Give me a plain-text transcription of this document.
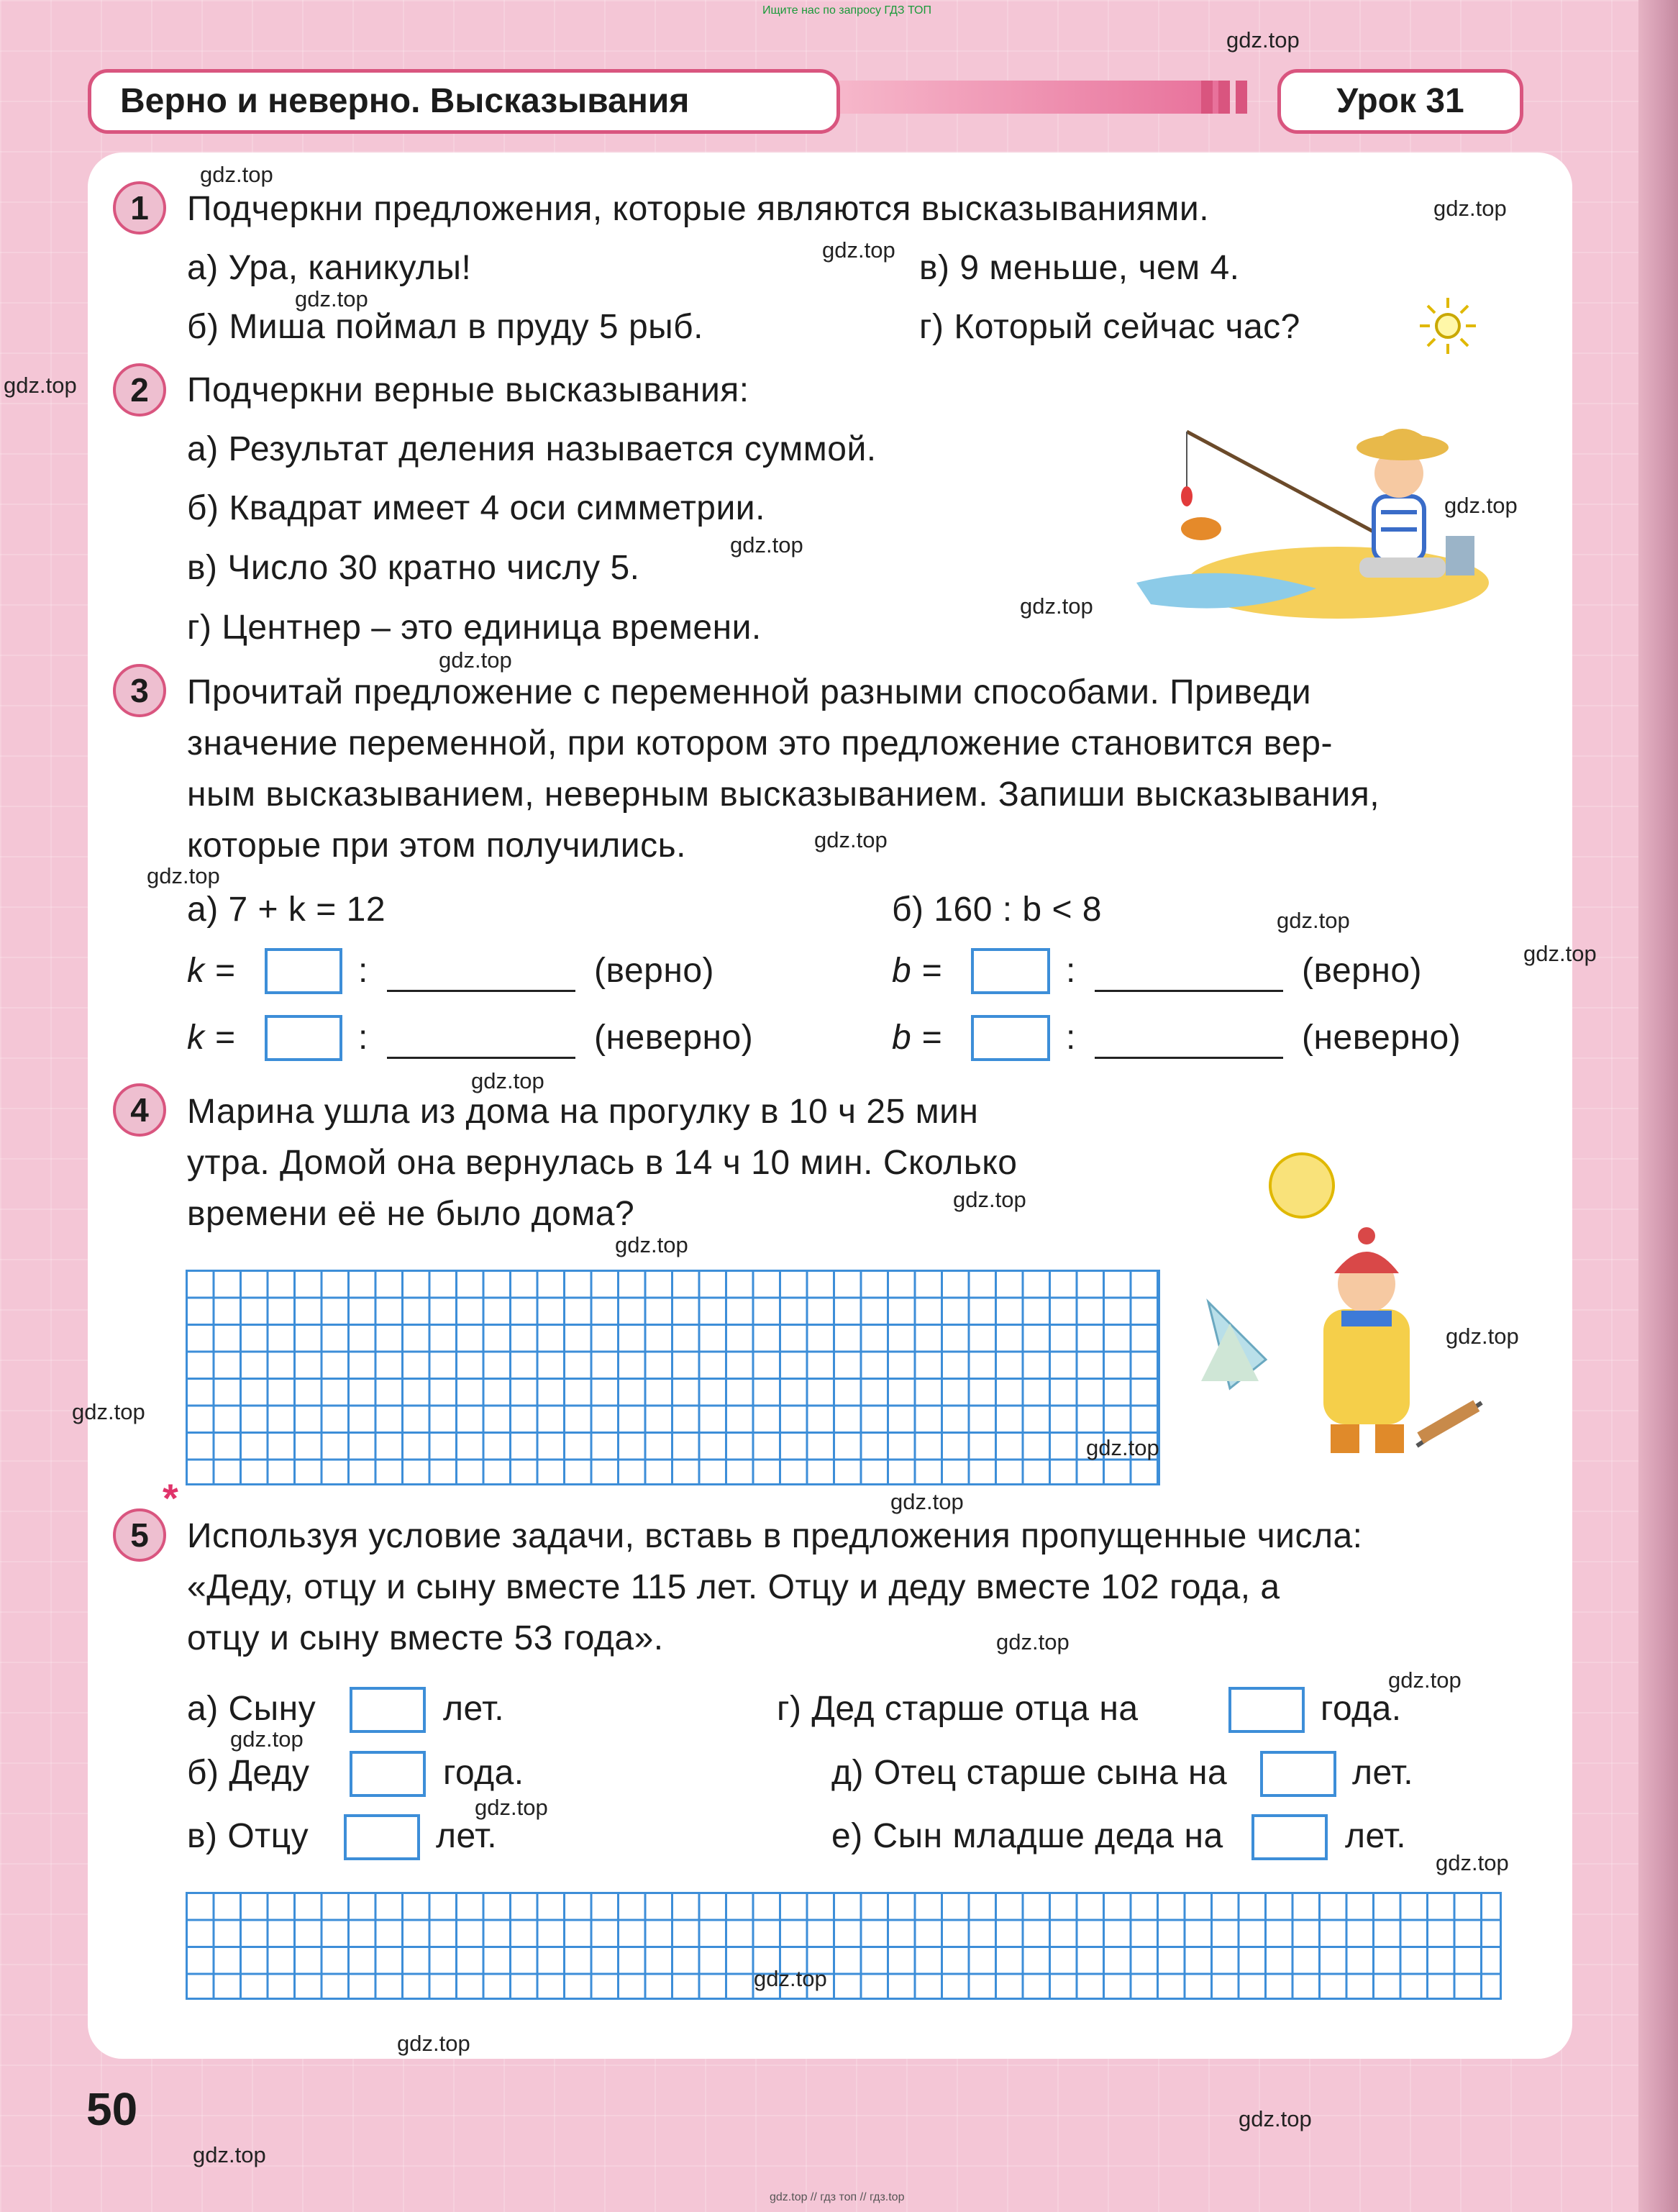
Ищите нас по запросу ГДЗ ТОП
Верно и неверно. Высказывания	Урок 31
1	Подчеркни предложения, которые являются высказываниями.
а) Ура, каникулы!	в) 9 меньше, чем 4.
б) Миша поймал в пруду 5 рыб.	г) Который сейчас час?
2	Подчеркни верные высказывания:
а) Результат деления называется суммой.
б) Квадрат имеет 4 оси симметрии.
в) Число 30 кратно числу 5.
г) Центнер – это единица времени.
3	Прочитай предложение с переменной разными способами. Приведи
значение переменной, при котором это предложение становится вер-
ным высказыванием, неверным высказыванием. Запиши высказывания,
которые при этом получились.
а) 7 + k = 12	б) 160 : b < 8
k =	:	(верно)
k =	:	(неверно)
b =	:	(верно)
b =	:	(неверно)
4	Марина ушла из дома на прогулку в 10 ч 25 мин
утра. Домой она вернулась в 14 ч 10 мин. Сколько
времени её не было дома?
*
5	Используя условие задачи, вставь в предложения пропущенные числа:
«Деду, отцу и сыну вместе 115 лет. Отцу и деду вместе 102 года, а
отцу и сыну вместе 53 года».
а) Сыну	лет.
б) Деду	года.
в) Отцу	лет.
г) Дед старше отца на	года.
д) Отец старше сына на	лет.
е) Сын младше деда на	лет.
50
gdz.top
gdz.top
gdz.top
gdz.top
gdz.top
gdz.top
gdz.top
gdz.top
gdz.top
gdz.top
gdz.top
gdz.top
gdz.top
gdz.top
gdz.top
gdz.top
gdz.top
gdz.top
gdz.top
gdz.top
gdz.top
gdz.top
gdz.top
gdz.top
gdz.top
gdz.top
gdz.top
gdz.top
gdz.top
gdz.top
gdz.top // гдз топ // гдз.top
